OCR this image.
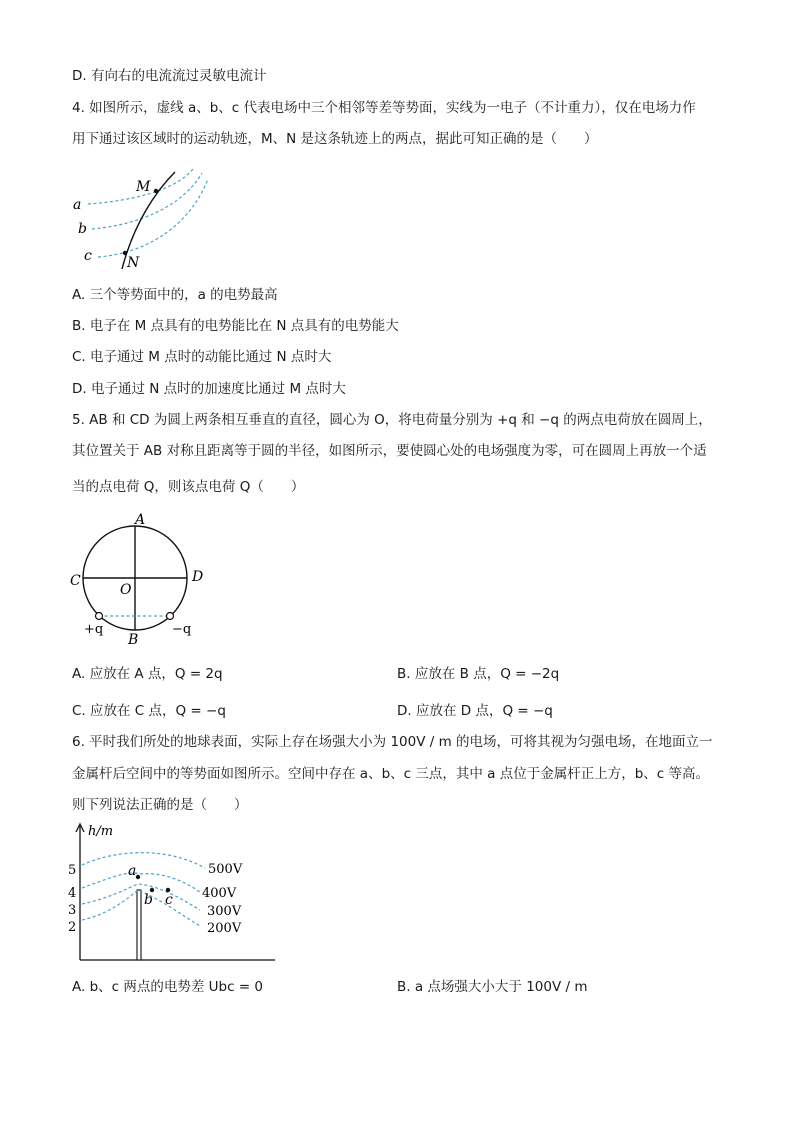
D. 有向右的电流流过灵敏电流计
4. 如图所示，虚线 a、b、c 代表电场中三个相邻等差等势面，实线为一电子（不计重力），仅在电场力作
用下通过该区域时的运动轨迹，M、N 是这条轨迹上的两点，据此可知正确的是（　　）
a
b
c
M
N
A. 三个等势面中的，a 的电势最高
B. 电子在 M 点具有的电势能比在 N 点具有的电势能大
C. 电子通过 M 点时的动能比通过 N 点时大
D. 电子通过 N 点时的加速度比通过 M 点时大
5. AB 和 CD 为圆上两条相互垂直的直径，圆心为 O，将电荷量分别为 +q 和 −q 的两点电荷放在圆周上，
其位置关于 AB 对称且距离等于圆的半径，如图所示，要使圆心处的电场强度为零，可在圆周上再放一个适
当的点电荷 Q，则该点电荷 Q（　　）
A
B
C	D
O
+q	−q
A. 应放在 A 点，Q = 2q	B. 应放在 B 点，Q = −2q
C. 应放在 C 点，Q = −q	D. 应放在 D 点，Q = −q
6. 平时我们所处的地球表面，实际上存在场强大小为 100V / m 的电场，可将其视为匀强电场，在地面立一
金属杆后空间中的等势面如图所示。空间中存在 a、b、c 三点，其中 a 点位于金属杆正上方，b、c 等高。
则下列说法正确的是（　　）
h/m
5
4
3
2
500V
400V
300V
200V
a
b c
A. b、c 两点的电势差 Ubc = 0	B. a 点场强大小大于 100V / m
